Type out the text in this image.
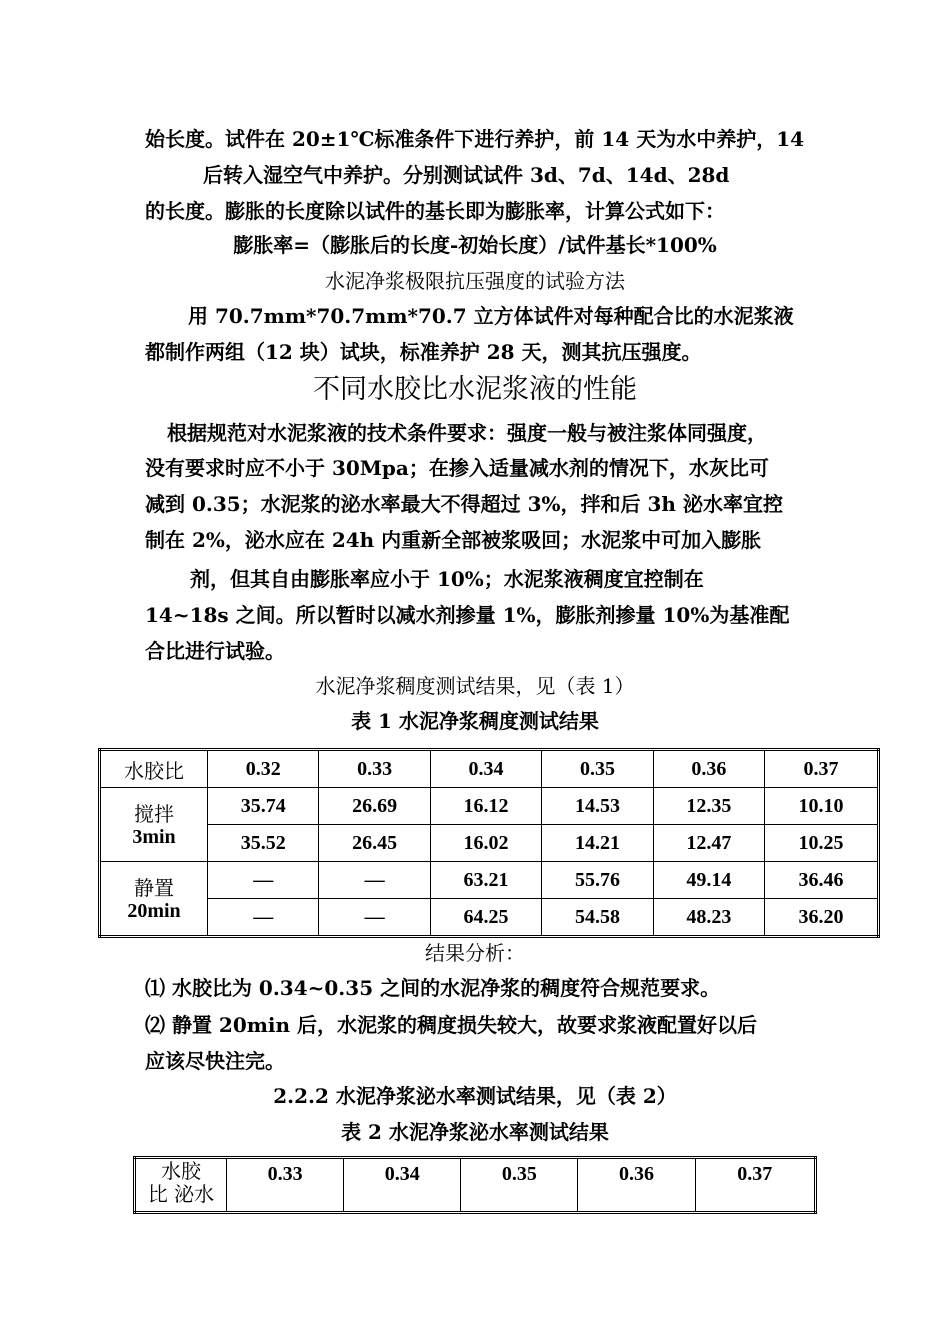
始长度。试件在 20±1℃标准条件下进行养护，前 14 天为水中养护，14
后转入湿空气中养护。分别测试试件 3d、7d、14d、28d
的长度。膨胀的长度除以试件的基长即为膨胀率，计算公式如下：
膨胀率=（膨胀后的长度-初始长度）/试件基长*100%
水泥净浆极限抗压强度的试验方法
用 70.7mm*70.7mm*70.7 立方体试件对每种配合比的水泥浆液
都制作两组（12 块）试块，标准养护 28 天，测其抗压强度。
不同水胶比水泥浆液的性能
根据规范对水泥浆液的技术条件要求：强度一般与被注浆体同强度，
没有要求时应不小于 30Mpa；在掺入适量减水剂的情况下，水灰比可
减到 0.35；水泥浆的泌水率最大不得超过 3%，拌和后 3h 泌水率宜控
制在 2%，泌水应在 24h 内重新全部被浆吸回；水泥浆中可加入膨胀
剂，但其自由膨胀率应小于 10%；水泥浆液稠度宜控制在
14~18s 之间。所以暂时以减水剂掺量 1%，膨胀剂掺量 10%为基准配
合比进行试验。
水泥净浆稠度测试结果，见（表 1）
表 1 水泥净浆稠度测试结果
水胶比	0.32	0.33	0.34	0.35	0.36	0.37

搅拌
3min	35.74	26.69	16.12	14.53	12.35	10.10
	35.52	26.45	16.02	14.21	12.47	10.25

静置
20min	—	—	63.21	55.76	49.14	36.46
	—	—	64.25	54.58	48.23	36.20
结果分析：
⑴ 水胶比为 0.34~0.35 之间的水泥净浆的稠度符合规范要求。
⑵ 静置 20min 后，水泥浆的稠度损失较大，故要求浆液配置好以后
应该尽快注完。
2.2.2 水泥净浆泌水率测试结果，见（表 2）
表 2 水泥净浆泌水率测试结果
水胶
比 泌水
	0.33	0.34	0.35	0.36	0.37
